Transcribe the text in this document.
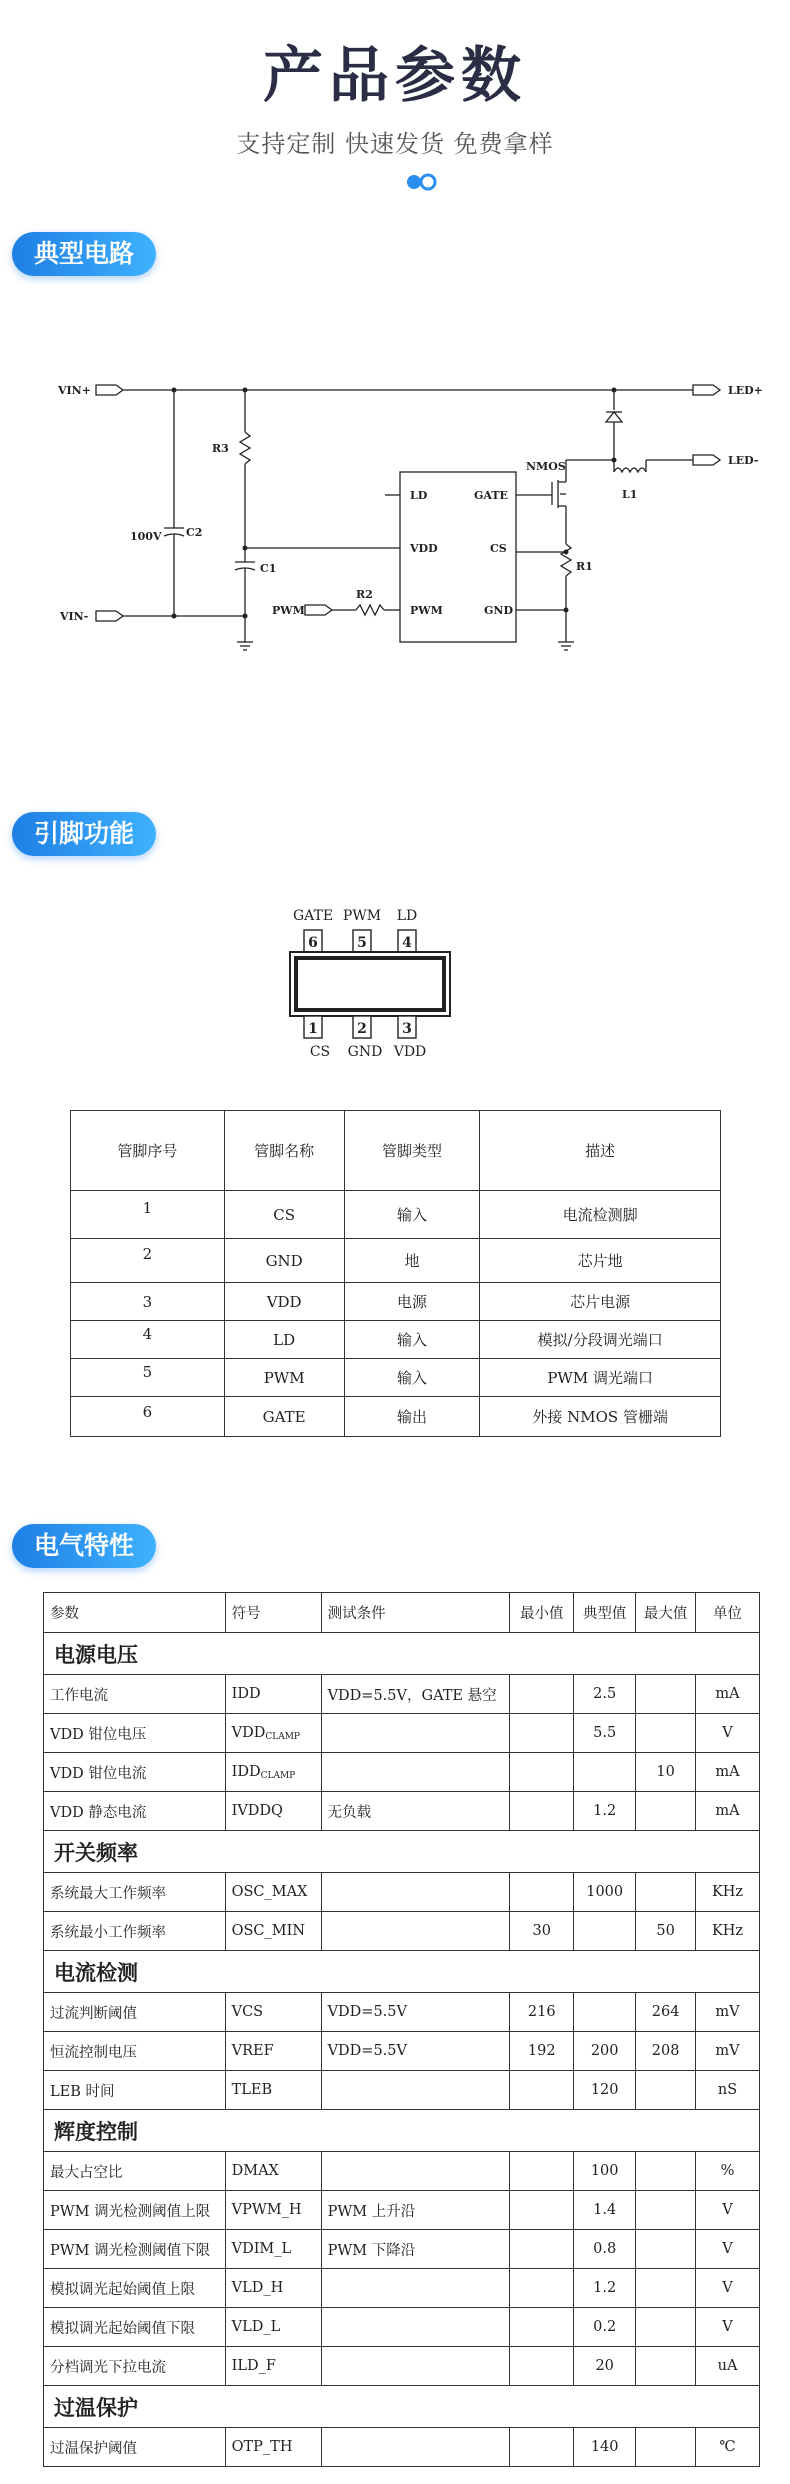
产品参数
支持定制 快速发货 免费拿样
典型电路
VIN+
VIN-
LED+
LED-
R3
100V C2
C1
R2
R1
L1
NMOS
PWM
LD
VDD
PWM
GATE
CS
GND
引脚功能
GATE PWM LD
6	5	4
1	2	3
CS GND VDD
管脚序号	管脚名称	管脚类型	描述
1	CS	输入	电流检测脚
2	GND	地	芯片地
3	VDD	电源	芯片电源
4	LD	输入	模拟/分段调光端口
5	PWM	输入	PWM 调光端口
6	GATE	输出	外接 NMOS 管栅端
电气特性
参数	符号	测试条件	最小值	典型值	最大值	单位
电源电压						
工作电流	IDD	VDD=5.5V，GATE 悬空		2.5		mA
VDD 钳位电压	$VDD_{CLAMP}$			5.5		V
VDD 钳位电流	$IDD_{CLAMP}$				10	mA
VDD 静态电流	IVDDQ	无负载		1.2		mA
开关频率						
系统最大工作频率	OSC_MAX			1000		KHz
系统最小工作频率	OSC_MIN		30		50	KHz
电流检测						
过流判断阈值	VCS	VDD=5.5V	216		264	mV
恒流控制电压	VREF	VDD=5.5V	192	200	208	mV
LEB 时间	TLEB			120		nS
辉度控制						
最大占空比	DMAX			100		%
PWM 调光检测阈值上限	VPWM_H	PWM 上升沿		1.4		V
PWM 调光检测阈值下限	VDIM_L	PWM 下降沿		0.8		V
模拟调光起始阈值上限	VLD_H			1.2		V
模拟调光起始阈值下限	VLD_L			0.2		V
分档调光下拉电流	ILD_F			20		uA
过温保护						
过温保护阈值	OTP_TH			140		℃
